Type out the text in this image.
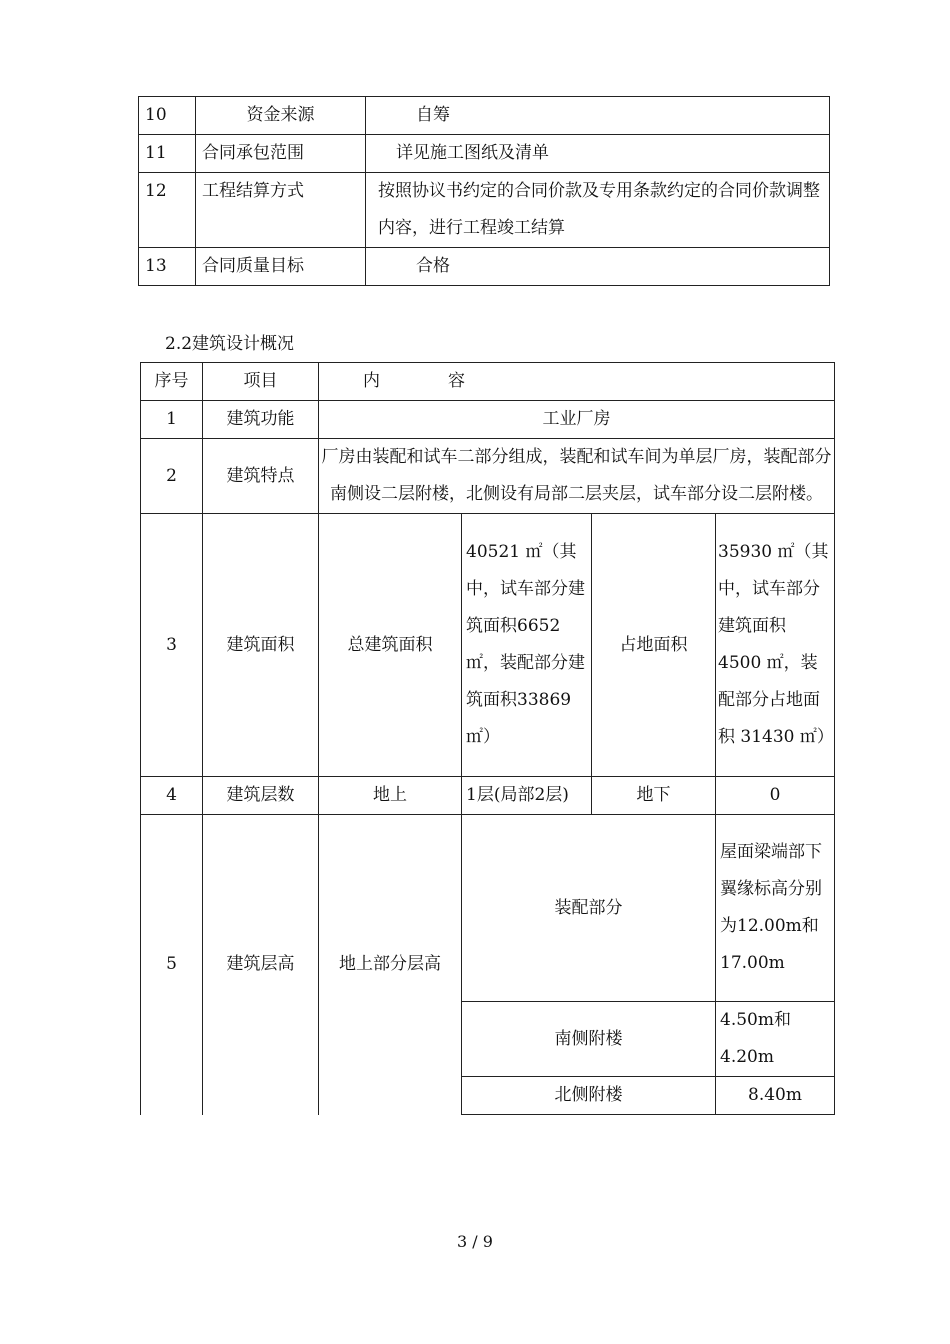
10	资金来源	自筹
11	合同承包范围	详见施工图纸及清单
12	工程结算方式	按照协议书约定的合同价款及专用条款约定的合同价款调整内容，进行工程竣工结算
13	合同质量目标	合格
2.2建筑设计概况
序号	项目	内　　　　容			
1	建筑功能	工业厂房			
2	建筑特点	厂房由装配和试车二部分组成，装配和试车间为单层厂房，装配部分南侧设二层附楼，北侧设有局部二层夹层，试车部分设二层附楼。			
3	建筑面积	总建筑面积	40521 ㎡（其中，试车部分建筑面积6652 ㎡，装配部分建筑面积33869 ㎡）	占地面积	35930 ㎡（其中，试车部分建筑面积 4500 ㎡，装配部分占地面积 31430 ㎡）
4	建筑层数	地上	1层(局部2层)	地下	0
5	建筑层高	地上部分层高	装配部分		屋面梁端部下翼缘标高分别为12.00m和17.00m
			南侧附楼		4.50m和4.20m
			北侧附楼		8.40m
3 / 9
